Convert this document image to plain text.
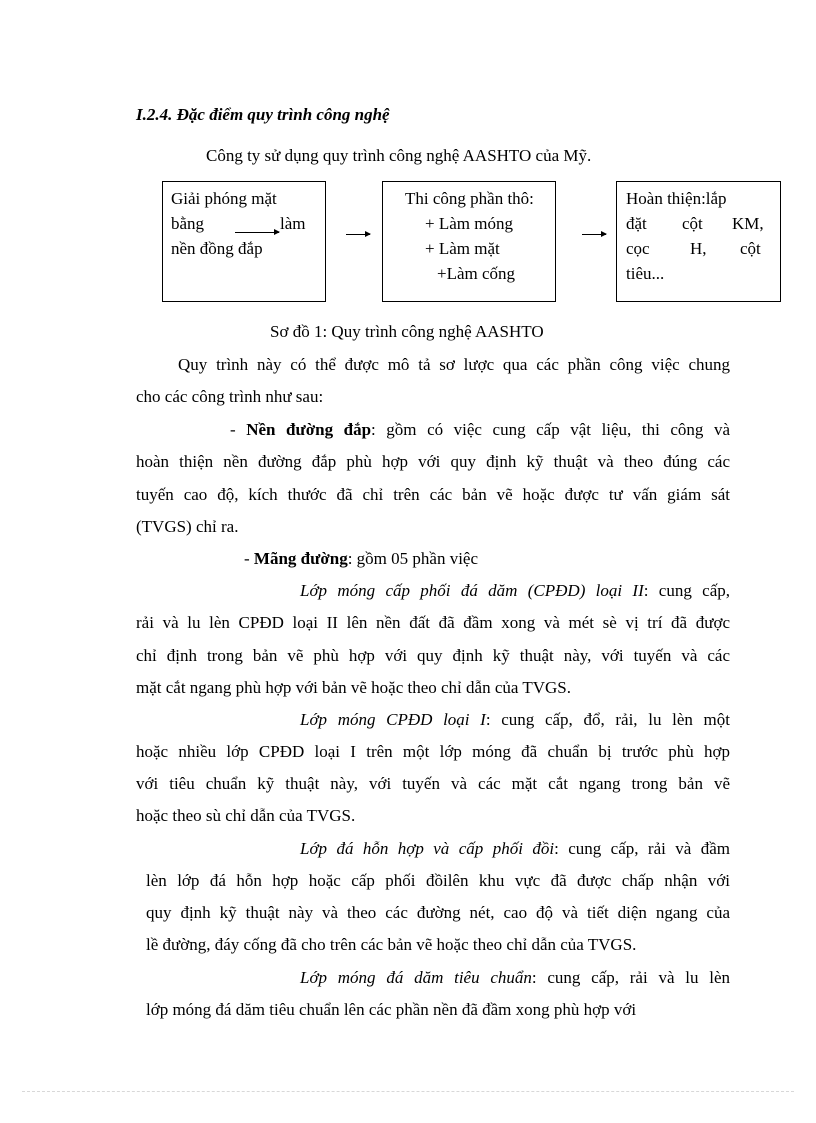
I.2.4. Đặc điểm quy trình công nghệ
Công ty sử dụng quy trình công nghệ AASHTO của Mỹ.
Giải phóng mặt
bằng	làm
nền đồng đắp
Thi công phần thô:
+ Làm móng
+ Làm mặt
+Làm cống
Hoàn thiện:lắp
đặt cột KM,
cọc H, cột
tiêu...
Sơ đồ 1: Quy trình công nghệ AASHTO
Quy trình này có thể được mô tả sơ lược qua các phần công việc chung
cho các công trình như sau:
- Nền đường đắp: gồm có việc cung cấp vật liệu, thi công và
hoàn thiện nền đường đắp phù hợp với quy định kỹ thuật và theo đúng các
tuyến cao độ, kích thước đã chỉ trên các bản vẽ hoặc được tư vấn giám sát
(TVGS) chỉ ra.
- Mãng đường: gồm 05 phần việc
Lớp móng cấp phối đá dăm (CPĐD) loại II: cung cấp,
rải và lu lèn CPĐD loại II lên nền đất đã đầm xong và mét sè vị trí đã được
chỉ định trong bản vẽ phù hợp với quy định kỹ thuật này, với tuyến và các
mặt cắt ngang phù hợp với bản vẽ hoặc theo chỉ dẫn của TVGS.
Lớp móng CPĐD loại I: cung cấp, đổ, rải, lu lèn một
hoặc nhiều lớp CPĐD loại I trên một lớp móng đã chuẩn bị trước phù hợp
với tiêu chuẩn kỹ thuật này, với tuyến và các mặt cắt ngang trong bản vẽ
hoặc theo sù chỉ dẫn của TVGS.
Lớp đá hỗn hợp và cấp phối đồi: cung cấp, rải và đầm
lèn lớp đá hỗn hợp hoặc cấp phối đồilên khu vực đã được chấp nhận với
quy định kỹ thuật này và theo các đường nét, cao độ và tiết diện ngang của
lề đường, đáy cống đã cho trên các bản vẽ hoặc theo chỉ dẫn của TVGS.
Lớp móng đá dăm tiêu chuẩn: cung cấp, rải và lu lèn
lớp móng đá dăm tiêu chuẩn lên các phần nền đã đầm xong phù hợp với
